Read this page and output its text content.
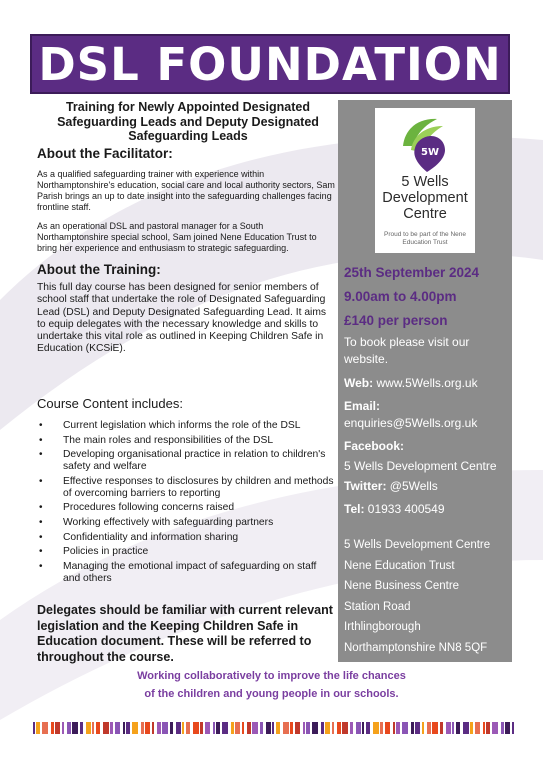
DSL FOUNDATION
Training for Newly Appointed Designated Safeguarding Leads and Deputy Designated Safeguarding Leads
About the Facilitator:

As a qualified safeguarding trainer with experience within Northamptonshire's education, social care and local authority sectors, Sam Parish brings an up to date insight into the safeguarding challenges facing frontline staff.

As an operational DSL and pastoral manager for a South Northamptonshire special school, Sam joined Nene Education Trust to bring her experience and enthusiasm to strategic safeguarding.

About the Training:

This full day course has been designed for senior members of school staff that undertake the role of Designated Safeguarding Lead (DSL) and Deputy Designated Safeguarding Lead. It aims to equip delegates with the necessary knowledge and skills to undertake this vital role as outlined in Keeping Children Safe in Education (KCSiE).

Course Content includes:
• Current legislation which informs the role of the DSL
• The main roles and responsibilities of the DSL
• Developing organisational practice in relation to children's safety and welfare
• Effective responses to disclosures by children and methods of overcoming barriers to reporting
• Procedures following concerns raised
• Working effectively with safeguarding partners
• Confidentiality and information sharing
• Policies in practice
• Managing the emotional impact of safeguarding on staff and others
Delegates should be familiar with current relevant legislation and the Keeping Children Safe in Education document. These will be referred to throughout the course.
5W
5 Wells
Development
Centre
Proud to be part of the Nene Education Trust
25th September 2024
9.00am to 4.00pm
£140 per person
To book please visit our website.
Web: www.5Wells.org.uk
Email:
enquiries@5Wells.org.uk
Facebook:
5 Wells Development Centre
Twitter: @5Wells
Tel: 01933 400549
5 Wells Development Centre
Nene Education Trust
Nene Business Centre
Station Road
Irthlingborough
Northamptonshire NN8 5QF
Working collaboratively to improve the life chances
of the children and young people in our schools.
